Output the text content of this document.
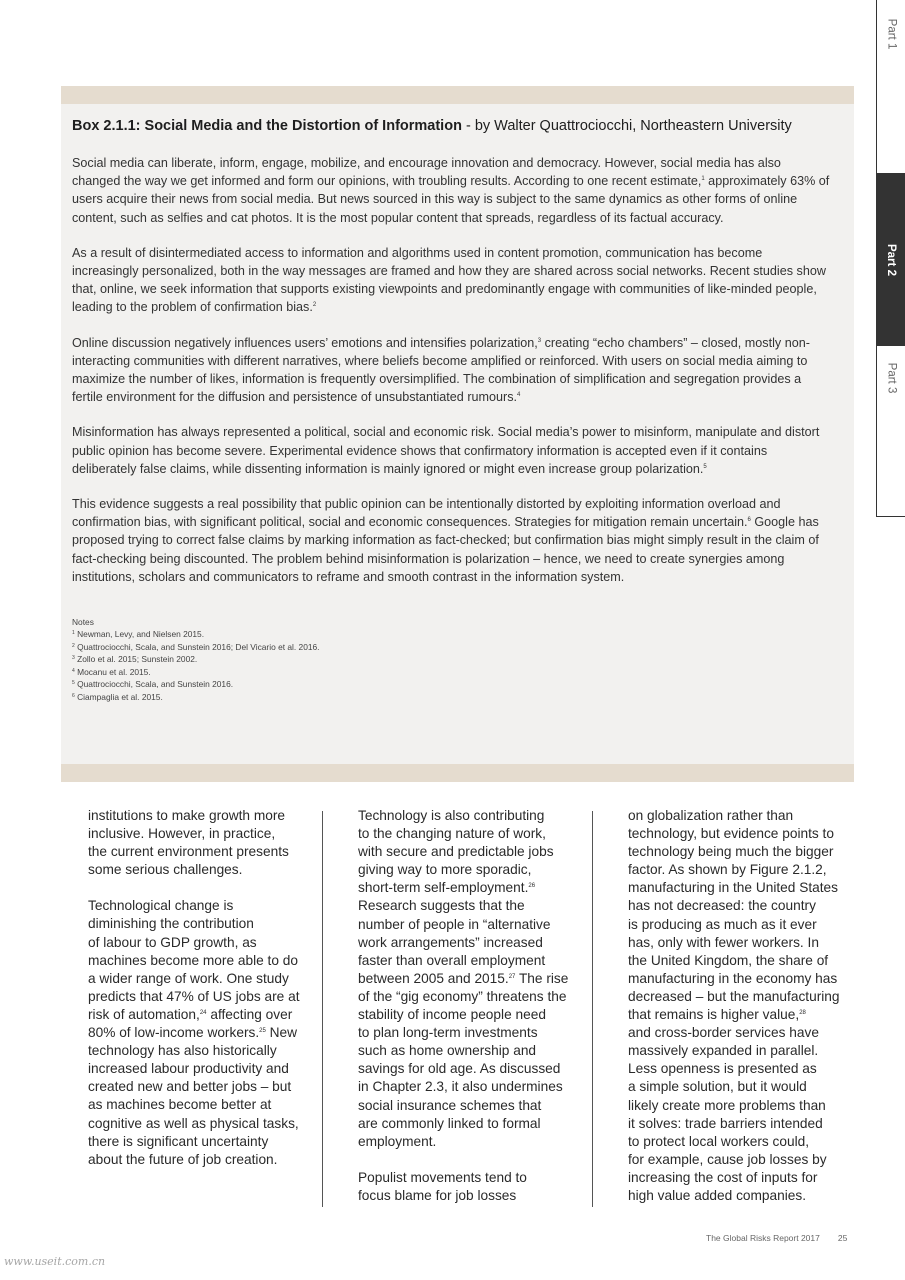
Part 1
Part 2
Part 3

Box 2.1.1: Social Media and the Distortion of Information - by Walter Quattrociocchi, Northeastern University

Social media can liberate, inform, engage, mobilize, and encourage innovation and democracy. However, social media has also changed the way we get informed and form our opinions, with troubling results. According to one recent estimate,$^1$ approximately 63% of users acquire their news from social media. But news sourced in this way is subject to the same dynamics as other forms of online content, such as selfies and cat photos. It is the most popular content that spreads, regardless of its factual accuracy.

As a result of disintermediated access to information and algorithms used in content promotion, communication has become increasingly personalized, both in the way messages are framed and how they are shared across social networks. Recent studies show that, online, we seek information that supports existing viewpoints and predominantly engage with communities of like-minded people, leading to the problem of confirmation bias.$^2$

Online discussion negatively influences users’ emotions and intensifies polarization,$^3$ creating “echo chambers” – closed, mostly non-interacting communities with different narratives, where beliefs become amplified or reinforced. With users on social media aiming to maximize the number of likes, information is frequently oversimplified. The combination of simplification and segregation provides a fertile environment for the diffusion and persistence of unsubstantiated rumours.$^4$

Misinformation has always represented a political, social and economic risk. Social media’s power to misinform, manipulate and distort public opinion has become severe. Experimental evidence shows that confirmatory information is accepted even if it contains deliberately false claims, while dissenting information is mainly ignored or might even increase group polarization.$^5$

This evidence suggests a real possibility that public opinion can be intentionally distorted by exploiting information overload and confirmation bias, with significant political, social and economic consequences. Strategies for mitigation remain uncertain.$^6$ Google has proposed trying to correct false claims by marking information as fact-checked; but confirmation bias might simply result in the claim of fact-checking being discounted. The problem behind misinformation is polarization – hence, we need to create synergies among institutions, scholars and communicators to reframe and smooth contrast in the information system.

Notes
$^1$ Newman, Levy, and Nielsen 2015.
$^2$ Quattrociocchi, Scala, and Sunstein 2016; Del Vicario et al. 2016.
$^3$ Zollo et al. 2015; Sunstein 2002.
$^4$ Mocanu et al. 2015.
$^5$ Quattrociocchi, Scala, and Sunstein 2016.
$^6$ Ciampaglia et al. 2015.

institutions to make growth more
inclusive. However, in practice,
the current environment presents
some serious challenges.

Technological change is
diminishing the contribution
of labour to GDP growth, as
machines become more able to do
a wider range of work. One study
predicts that 47% of US jobs are at
risk of automation,$^{24}$ affecting over
80% of low-income workers.$^{25}$ New
technology has also historically
increased labour productivity and
created new and better jobs – but
as machines become better at
cognitive as well as physical tasks,
there is significant uncertainty
about the future of job creation.

Technology is also contributing
to the changing nature of work,
with secure and predictable jobs
giving way to more sporadic,
short-term self-employment.$^{26}$
Research suggests that the
number of people in “alternative
work arrangements” increased
faster than overall employment
between 2005 and 2015.27 The rise
of the “gig economy” threatens the
stability of income people need
to plan long-term investments
such as home ownership and
savings for old age. As discussed
in Chapter 2.3, it also undermines
social insurance schemes that
are commonly linked to formal
employment.

Populist movements tend to
focus blame for job losses

on globalization rather than
technology, but evidence points to
technology being much the bigger
factor. As shown by Figure 2.1.2,
manufacturing in the United States
has not decreased: the country
is producing as much as it ever
has, only with fewer workers. In
the United Kingdom, the share of
manufacturing in the economy has
decreased – but the manufacturing
that remains is higher value,$^{28}$
and cross-border services have
massively expanded in parallel.
Less openness is presented as
a simple solution, but it would
likely create more problems than
it solves: trade barriers intended
to protect local workers could,
for example, cause job losses by
increasing the cost of inputs for
high value added companies.

The Global Risks Report 2017 25
www.useit.com.cn
